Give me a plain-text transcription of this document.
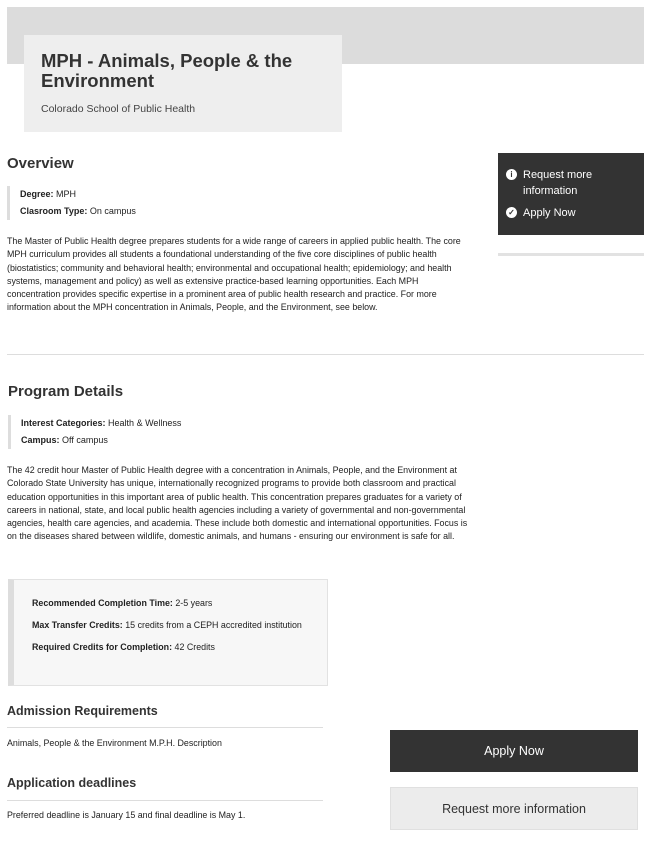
MPH - Animals, People & the Environment
Colorado School of Public Health
Overview
Degree: MPH
Clasroom Type: On campus

The Master of Public Health degree prepares students for a wide range of careers in applied public health. The core MPH curriculum provides all students a foundational understanding of the five core disciplines of public health (biostatistics; community and behavioral health; environmental and occupational health; epidemiology; and health systems, management and policy) as well as extensive practice-based learning opportunities. Each MPH concentration provides specific expertise in a prominent area of public health research and practice. For more information about the MPH concentration in Animals, People, and the Environment, see below.

i Request more information
✓ Apply Now
Program Details
Interest Categories: Health & Wellness
Campus: Off campus

The 42 credit hour Master of Public Health degree with a concentration in Animals, People, and the Environment at Colorado State University has unique, internationally recognized programs to provide both classroom and practical education opportunities in this important area of public health. This concentration prepares graduates for a variety of careers in national, state, and local public health agencies including a variety of governmental and non-governmental agencies, health care agencies, and academia. These include both domestic and international opportunities. Focus is on the diseases shared between wildlife, domestic animals, and humans - ensuring our environment is safe for all.

Recommended Completion Time: 2-5 years
Max Transfer Credits: 15 credits from a CEPH accredited institution
Required Credits for Completion: 42 Credits
Admission Requirements

Animals, People & the Environment M.P.H. Description

Application deadlines

Preferred deadline is January 15 and final deadline is May 1.

Apply Now
Request more information
